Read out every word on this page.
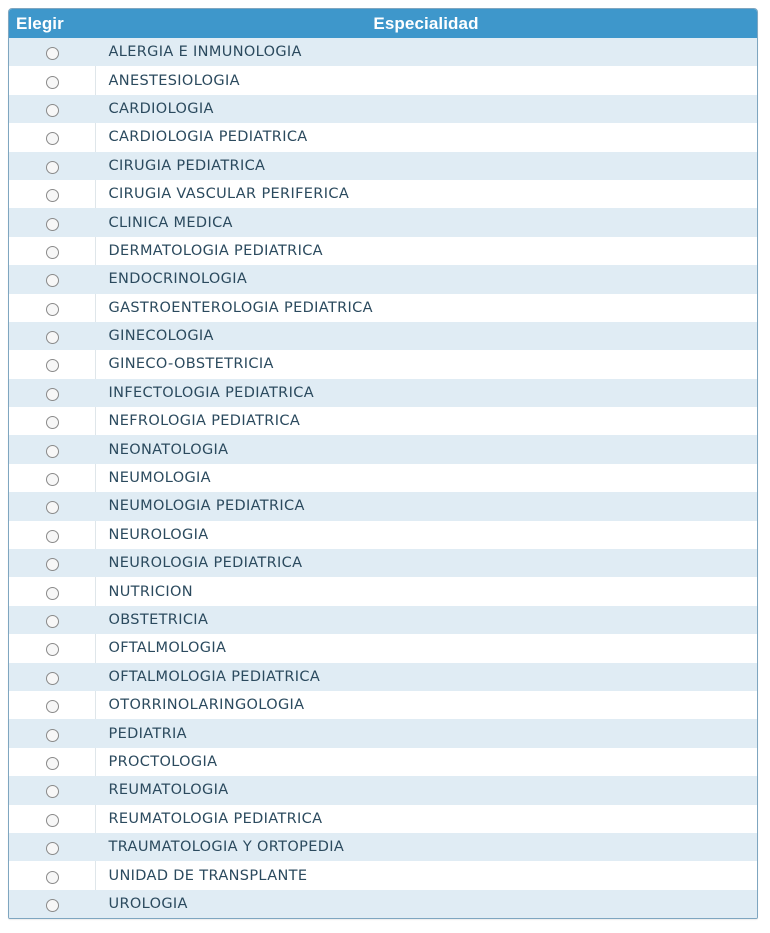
Elegir	Especialidad
	ALERGIA E INMUNOLOGIA
	ANESTESIOLOGIA
	CARDIOLOGIA
	CARDIOLOGIA PEDIATRICA
	CIRUGIA PEDIATRICA
	CIRUGIA VASCULAR PERIFERICA
	CLINICA MEDICA
	DERMATOLOGIA PEDIATRICA
	ENDOCRINOLOGIA
	GASTROENTEROLOGIA PEDIATRICA
	GINECOLOGIA
	GINECO-OBSTETRICIA
	INFECTOLOGIA PEDIATRICA
	NEFROLOGIA PEDIATRICA
	NEONATOLOGIA
	NEUMOLOGIA
	NEUMOLOGIA PEDIATRICA
	NEUROLOGIA
	NEUROLOGIA PEDIATRICA
	NUTRICION
	OBSTETRICIA
	OFTALMOLOGIA
	OFTALMOLOGIA PEDIATRICA
	OTORRINOLARINGOLOGIA
	PEDIATRIA
	PROCTOLOGIA
	REUMATOLOGIA
	REUMATOLOGIA PEDIATRICA
	TRAUMATOLOGIA Y ORTOPEDIA
	UNIDAD DE TRANSPLANTE
	UROLOGIA
